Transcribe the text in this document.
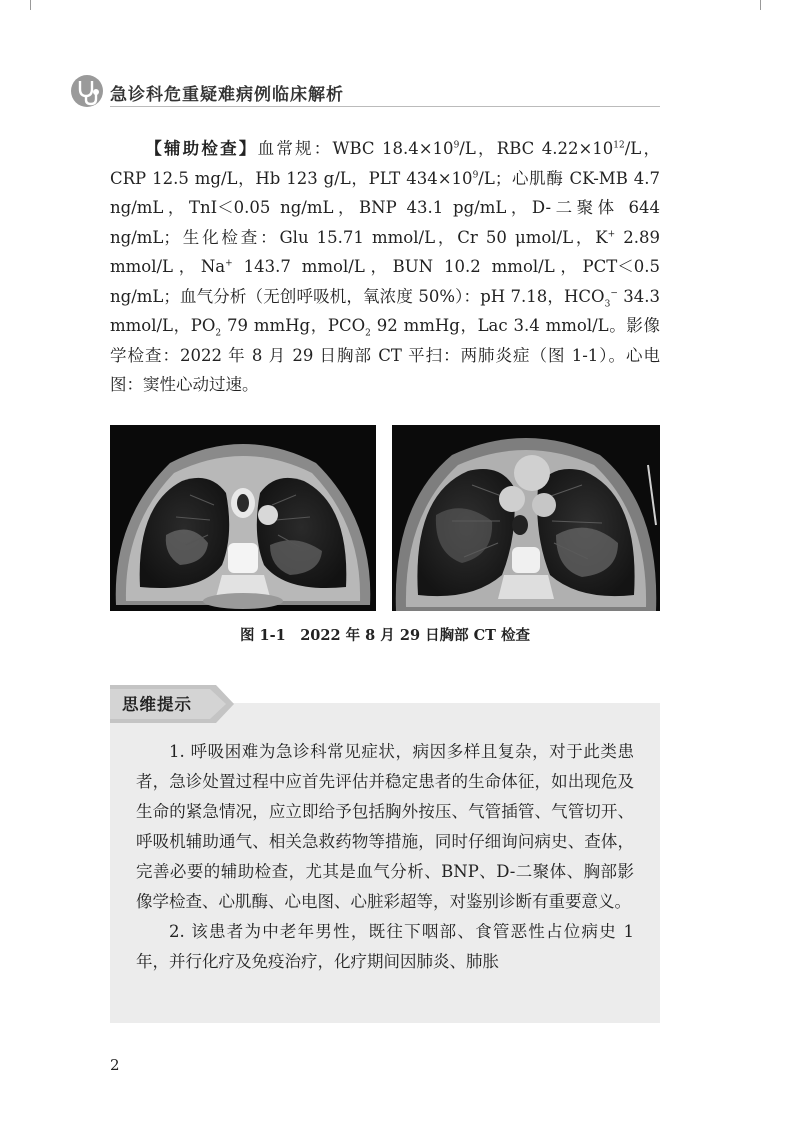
急诊科危重疑难病例临床解析

【辅助检查】血常规：WBC $18.4\times 10^9/L$，RBC $4.22\times 10^{12}/L$，CRP 12.5 mg/L，Hb 123 g/L，PLT $434\times 10^9/L$；心肌酶 CK-MB 4.7 ng/mL，TnI＜0.05 ng/mL，BNP 43.1 pg/mL，D-二聚体 644 ng/mL；生化检查：Glu 15.71 mmol/L，Cr 50 μmol/L，K+ 2.89 mmol/L，Na+ 143.7 mmol/L，BUN 10.2 mmol/L，PCT＜0.5 ng/mL；血气分析（无创呼吸机，氧浓度 50%）：pH 7.18，$HCO_3^-$ 34.3 mmol/L，$PO_2$ 79 mmHg，$PCO_2$ 92 mmHg，Lac 3.4 mmol/L。影像学检查：2022 年 8 月 29 日胸部 CT 平扫：两肺炎症（图 1-1）。心电图：窦性心动过速。

图 1-1　2022 年 8 月 29 日胸部 CT 检查

思维提示

1. 呼吸困难为急诊科常见症状，病因多样且复杂，对于此类患者，急诊处置过程中应首先评估并稳定患者的生命体征，如出现危及生命的紧急情况，应立即给予包括胸外按压、气管插管、气管切开、呼吸机辅助通气、相关急救药物等措施，同时仔细询问病史、查体，完善必要的辅助检查，尤其是血气分析、BNP、D-二聚体、胸部影像学检查、心肌酶、心电图、心脏彩超等，对鉴别诊断有重要意义。

2. 该患者为中老年男性，既往下咽部、食管恶性占位病史 1 年，并行化疗及免疫治疗，化疗期间因肺炎、肺胀

2
